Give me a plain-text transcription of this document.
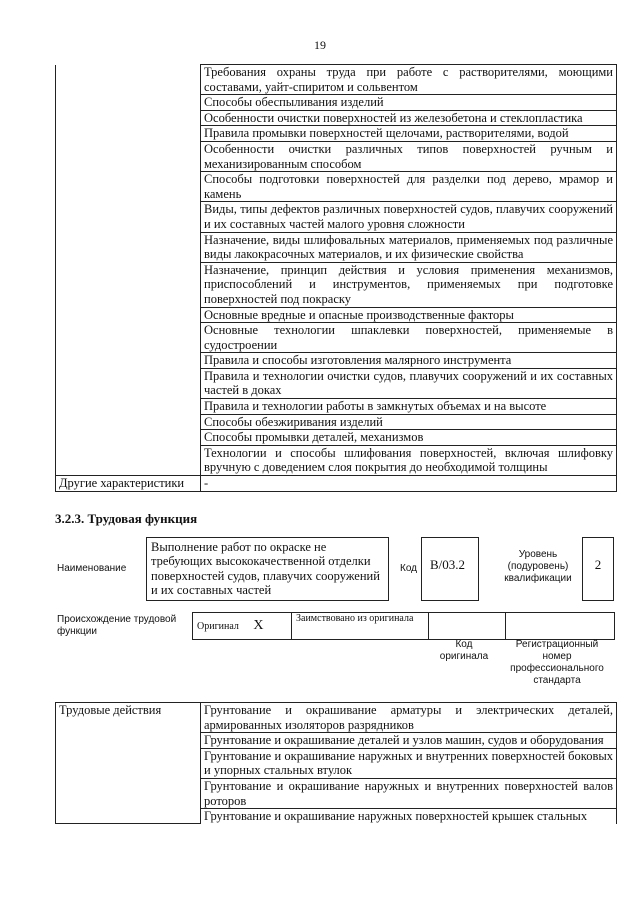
19
	Требования охраны труда при работе с растворителями, моющими составами, уайт-спиритом и сольвентом
	Способы обеспыливания изделий
	Особенности очистки поверхностей из железобетона и стеклопластика
	Правила промывки поверхностей щелочами, растворителями, водой
	Особенности очистки различных типов поверхностей ручным и механизированным способом
	Способы подготовки поверхностей для разделки под дерево, мрамор и камень
	Виды, типы дефектов различных поверхностей судов, плавучих сооружений и их составных частей малого уровня сложности
	Назначение, виды шлифовальных материалов, применяемых под различные виды лакокрасочных материалов, и их физические свойства
	Назначение, принцип действия и условия применения механизмов, приспособлений и инструментов, применяемых при подготовке поверхностей под покраску
	Основные вредные и опасные производственные факторы
	Основные технологии шпаклевки поверхностей, применяемые в судостроении
	Правила и способы изготовления малярного инструмента
	Правила и технологии очистки судов, плавучих сооружений и их составных частей в доках
	Правила и технологии работы в замкнутых объемах и на высоте
	Способы обезжиривания изделий
	Способы промывки деталей, механизмов
	Технологии и способы шлифования поверхностей, включая шлифовку вручную с доведением слоя покрытия до необходимой толщины
Другие характеристики	-
3.2.3. Трудовая функция
Наименование
Выполнение работ по окраске не требующих высококачественной отделки поверхностей судов, плавучих сооружений и их составных частей
Код В/03.2
Уровень (подуровень) квалификации
2
Происхождение трудовой функции	Оригинал X	Заимствовано из оригинала		
Код оригинала
Регистрационный номер профессионального стандарта
Трудовые действия	Грунтование и окрашивание арматуры и электрических деталей, армированных изоляторов разрядников
Грунтование и окрашивание деталей и узлов машин, судов и оборудования
Грунтование и окрашивание наружных и внутренних поверхностей боковых и упорных стальных втулок
Грунтование и окрашивание наружных и внутренних поверхностей валов роторов
Грунтование и окрашивание наружных поверхностей крышек стальных
